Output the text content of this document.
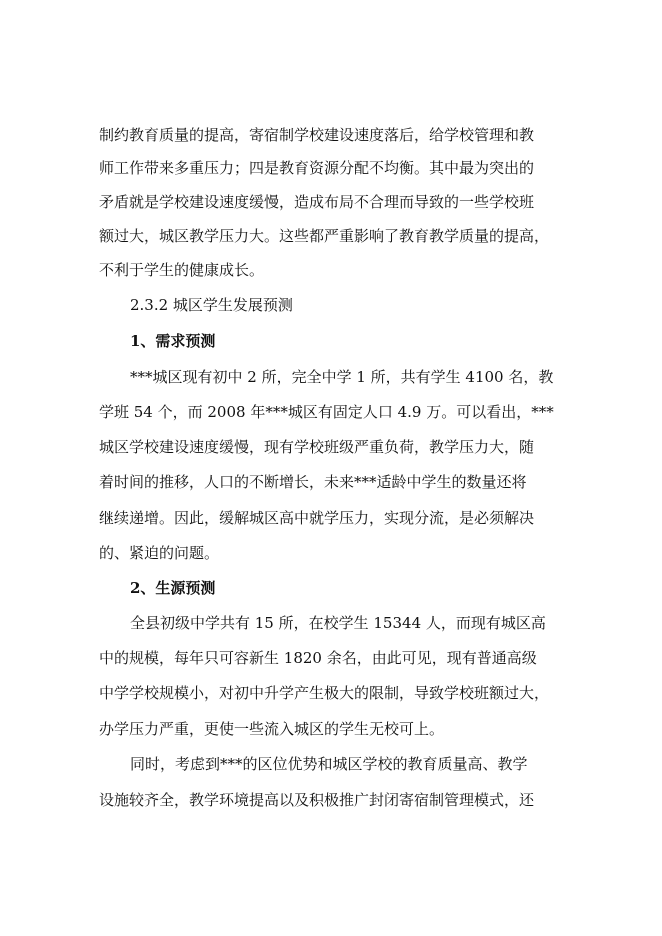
制约教育质量的提高，寄宿制学校建设速度落后，给学校管理和教
师工作带来多重压力；四是教育资源分配不均衡。其中最为突出的
矛盾就是学校建设速度缓慢，造成布局不合理而导致的一些学校班
额过大，城区教学压力大。这些都严重影响了教育教学质量的提高，
不利于学生的健康成长。
2.3.2 城区学生发展预测
1、需求预测
***城区现有初中 2 所，完全中学 1 所，共有学生 4100 名，教
学班 54 个，而 2008 年***城区有固定人口 4.9 万。可以看出，***
城区学校建设速度缓慢，现有学校班级严重负荷，教学压力大，随
着时间的推移，人口的不断增长，未来***适龄中学生的数量还将
继续递增。因此，缓解城区高中就学压力，实现分流，是必须解决
的、紧迫的问题。
2、生源预测
全县初级中学共有 15 所，在校学生 15344 人，而现有城区高
中的规模，每年只可容新生 1820 余名，由此可见，现有普通高级
中学学校规模小，对初中升学产生极大的限制，导致学校班额过大，
办学压力严重，更使一些流入城区的学生无校可上。
同时，考虑到***的区位优势和城区学校的教育质量高、教学
设施较齐全，教学环境提高以及积极推广封闭寄宿制管理模式，还
